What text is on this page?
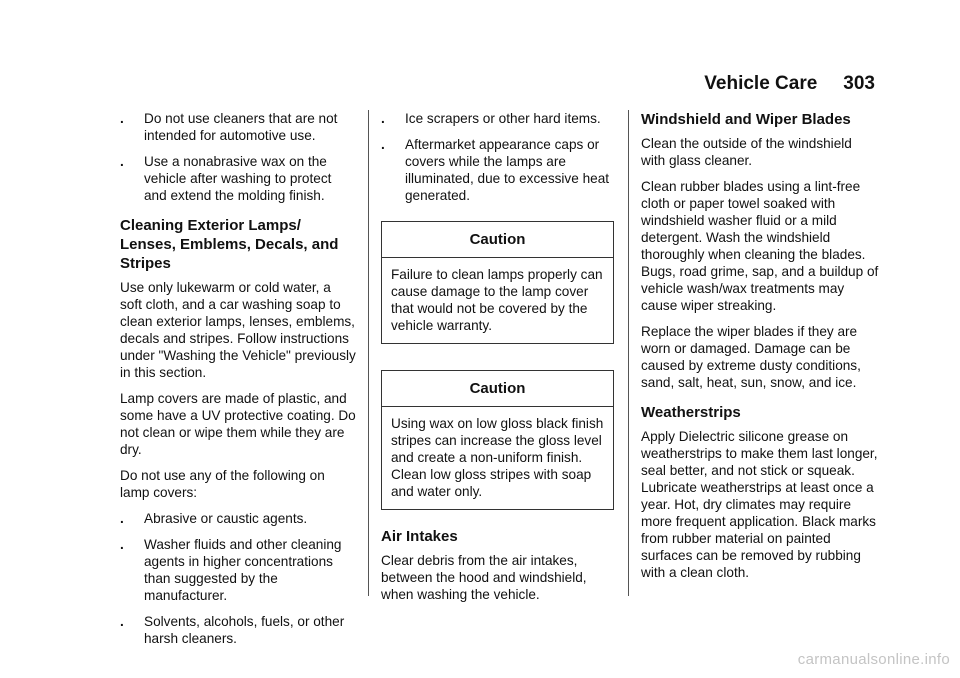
Vehicle Care 303
. Do not use cleaners that are not intended for automotive use.
. Use a nonabrasive wax on the vehicle after washing to protect and extend the molding finish.
Cleaning Exterior Lamps/ Lenses, Emblems, Decals, and Stripes

Use only lukewarm or cold water, a soft cloth, and a car washing soap to clean exterior lamps, lenses, emblems, decals and stripes. Follow instructions under "Washing the Vehicle" previously in this section.

Lamp covers are made of plastic, and some have a UV protective coating. Do not clean or wipe them while they are dry.

Do not use any of the following on lamp covers:

. Abrasive or caustic agents.
. Washer fluids and other cleaning agents in higher concentrations than suggested by the manufacturer.
. Solvents, alcohols, fuels, or other harsh cleaners.
. Ice scrapers or other hard items.
. Aftermarket appearance caps or covers while the lamps are illuminated, due to excessive heat generated.
Caution
Failure to clean lamps properly can cause damage to the lamp cover that would not be covered by the vehicle warranty.
Caution
Using wax on low gloss black finish stripes can increase the gloss level and create a non-uniform finish. Clean low gloss stripes with soap and water only.
Air Intakes

Clear debris from the air intakes, between the hood and windshield, when washing the vehicle.

Windshield and Wiper Blades

Clean the outside of the windshield with glass cleaner.

Clean rubber blades using a lint-free cloth or paper towel soaked with windshield washer fluid or a mild detergent. Wash the windshield thoroughly when cleaning the blades. Bugs, road grime, sap, and a buildup of vehicle wash/wax treatments may cause wiper streaking.

Replace the wiper blades if they are worn or damaged. Damage can be caused by extreme dusty conditions, sand, salt, heat, sun, snow, and ice.

Weatherstrips

Apply Dielectric silicone grease on weatherstrips to make them last longer, seal better, and not stick or squeak. Lubricate weatherstrips at least once a year. Hot, dry climates may require more frequent application. Black marks from rubber material on painted surfaces can be removed by rubbing with a clean cloth.

carmanualsonline.info
